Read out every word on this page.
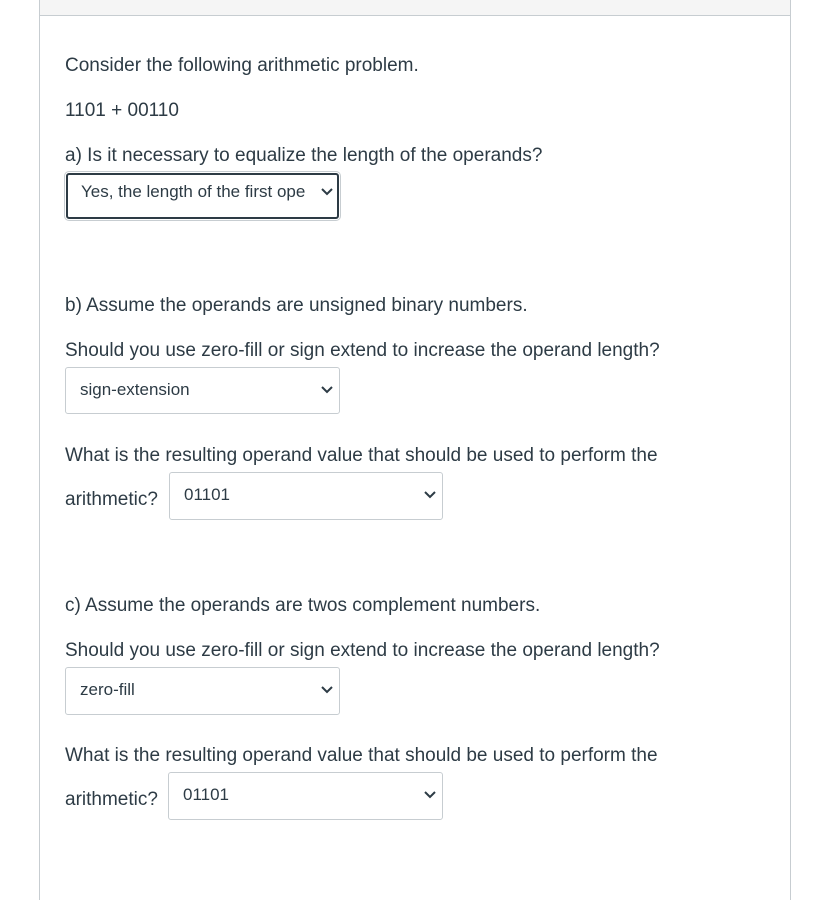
Consider the following arithmetic problem.
1101 + 00110
a) Is it necessary to equalize the length of the operands?
Yes, the length of the first ope
b) Assume the operands are unsigned binary numbers.
Should you use zero-fill or sign extend to increase the operand length?
sign-extension
What is the resulting operand value that should be used to perform the
arithmetic? 01101
c) Assume the operands are twos complement numbers.
Should you use zero-fill or sign extend to increase the operand length?
zero-fill
What is the resulting operand value that should be used to perform the
arithmetic? 01101
